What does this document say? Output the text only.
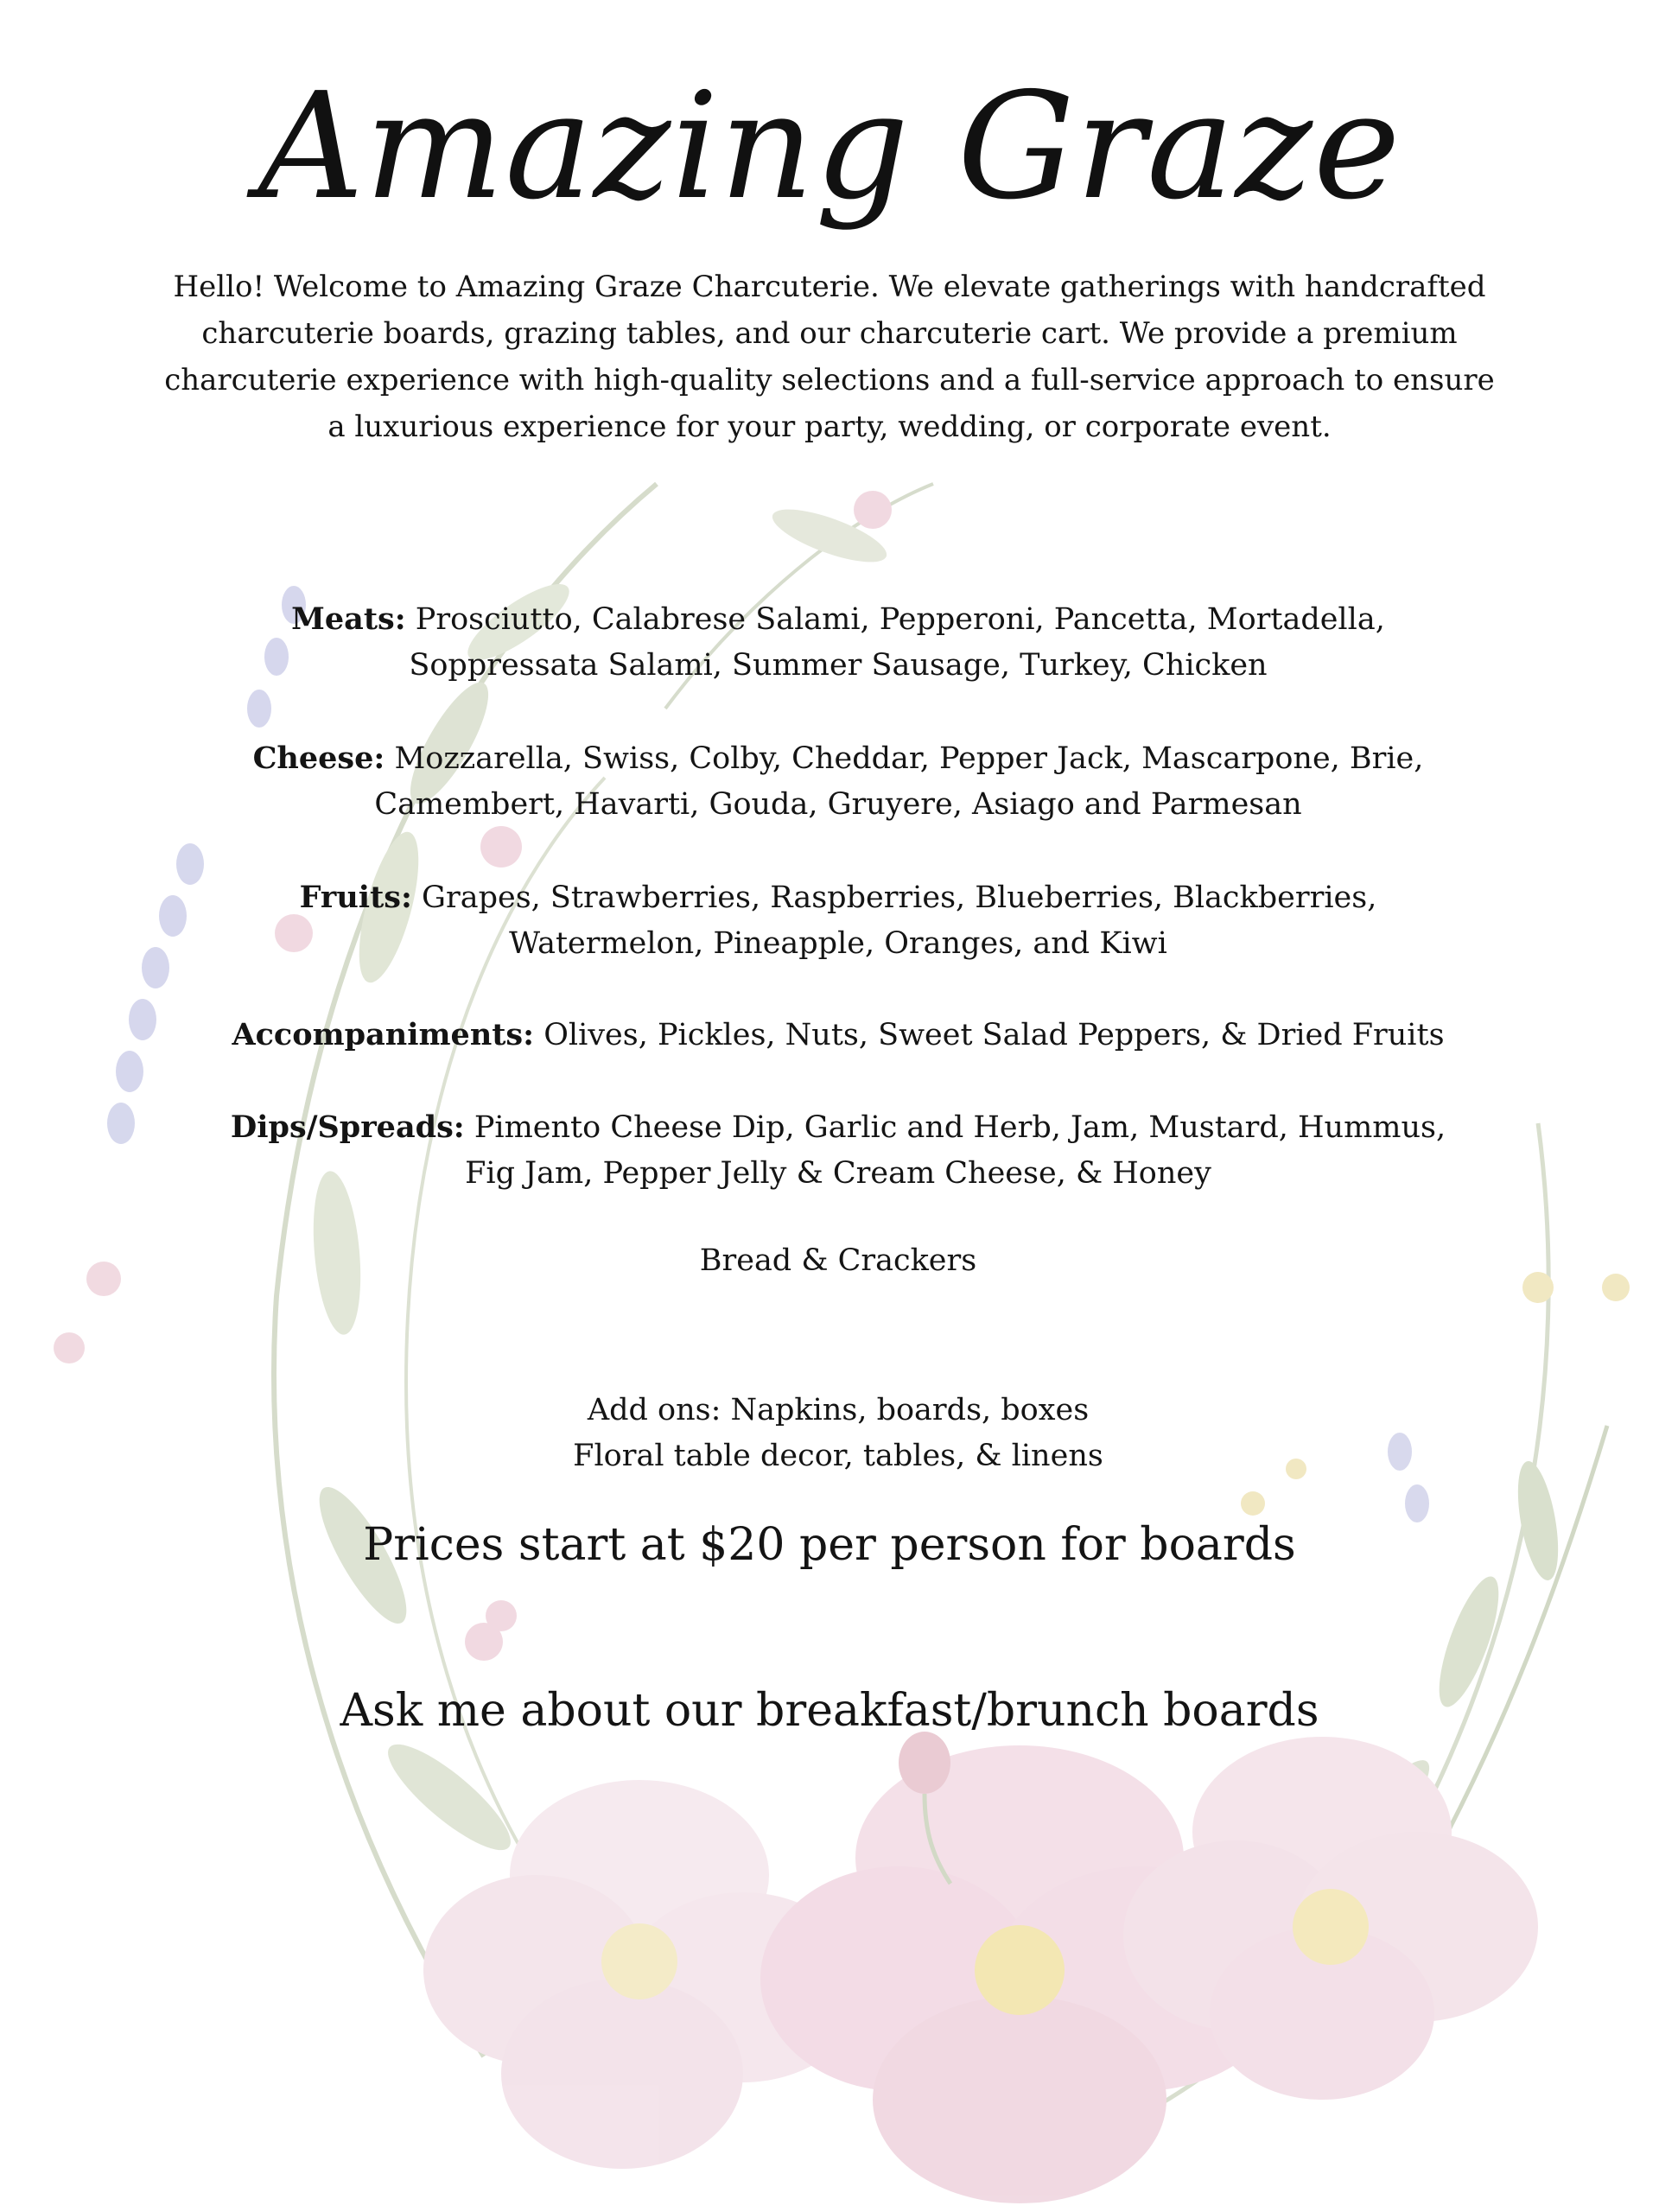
Amazing Graze

Hello! Welcome to Amazing Graze Charcuterie. We elevate gatherings with handcrafted charcuterie boards, grazing tables, and our charcuterie cart. We provide a premium charcuterie experience with high-quality selections and a full-service approach to ensure a luxurious experience for your party, wedding, or corporate event.

Meats: Prosciutto, Calabrese Salami, Pepperoni, Pancetta, Mortadella, Soppressata Salami, Summer Sausage, Turkey, Chicken

Cheese: Mozzarella, Swiss, Colby, Cheddar, Pepper Jack, Mascarpone, Brie, Camembert, Havarti, Gouda, Gruyere, Asiago and Parmesan

Fruits: Grapes, Strawberries, Raspberries, Blueberries, Blackberries, Watermelon, Pineapple, Oranges, and Kiwi

Accompaniments: Olives, Pickles, Nuts, Sweet Salad Peppers, & Dried Fruits

Dips/Spreads: Pimento Cheese Dip, Garlic and Herb, Jam, Mustard, Hummus, Fig Jam, Pepper Jelly & Cream Cheese, & Honey

Bread & Crackers

Add ons: Napkins, boards, boxes

Floral table decor, tables, & linens

Prices start at $20 per person for boards

Ask me about our breakfast/brunch boards
